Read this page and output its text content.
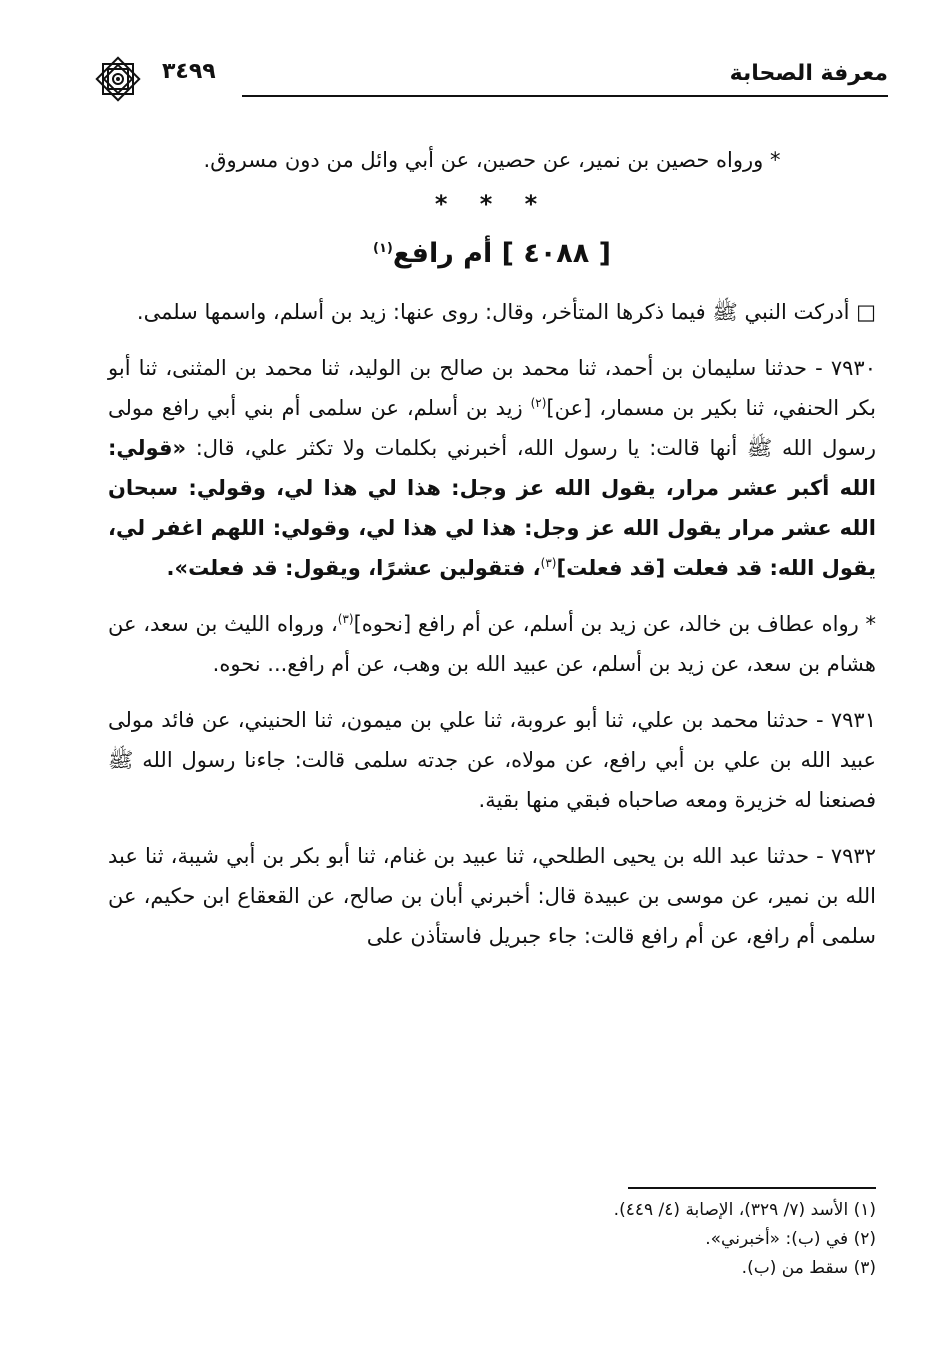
معرفة الصحابة
٣٤٩٩

* ورواه حصين بن نمير، عن حصين، عن أبي وائل من دون مسروق.

* * *
[ ٤٠٨٨ ] أم رافع$^{(١)}$

□ أدركت النبي ﷺ فيما ذكرها المتأخر، وقال: روى عنها: زيد بن أسلم، واسمها سلمى.

٧٩٣٠ - حدثنا سليمان بن أحمد، ثنا محمد بن صالح بن الوليد، ثنا محمد بن المثنى، ثنا أبو بكر الحنفي، ثنا بكير بن مسمار، [عن]$^{(٢)}$ زيد بن أسلم، عن سلمى أم بني أبي رافع مولى رسول الله ﷺ أنها قالت: يا رسول الله، أخبرني بكلمات ولا تكثر علي، قال: «قولي: الله أكبر عشر مرار، يقول الله عز وجل: هذا لي هذا لي، وقولي: سبحان الله عشر مرار يقول الله عز وجل: هذا لي هذا لي، وقولي: اللهم اغفر لي، يقول الله: قد فعلت [قد فعلت]$^{(٣)}$، فتقولين عشرًا، ويقول: قد فعلت».

* رواه عطاف بن خالد، عن زيد بن أسلم، عن أم رافع [نحوه]$^{(٣)}$، ورواه الليث بن سعد، عن هشام بن سعد، عن زيد بن أسلم، عن عبيد الله بن وهب، عن أم رافع... نحوه.

٧٩٣١ - حدثنا محمد بن علي، ثنا أبو عروبة، ثنا علي بن ميمون، ثنا الحنيني، عن فائد مولى عبيد الله بن علي بن أبي رافع، عن مولاه، عن جدته سلمى قالت: جاءنا رسول الله ﷺ فصنعنا له خزيرة ومعه صاحباه فبقي منها بقية.

٧٩٣٢ - حدثنا عبد الله بن يحيى الطلحي، ثنا عبيد بن غنام، ثنا أبو بكر بن أبي شيبة، ثنا عبد الله بن نمير، عن موسى بن عبيدة قال: أخبرني أبان بن صالح، عن القعقاع ابن حكيم، عن سلمى أم رافع، عن أم رافع قالت: جاء جبريل فاستأذن على

(١) الأسد (٧/ ٣٢٩)، الإصابة (٤/ ٤٤٩).

(٢) في (ب): «أخبرني».

(٣) سقط من (ب).
